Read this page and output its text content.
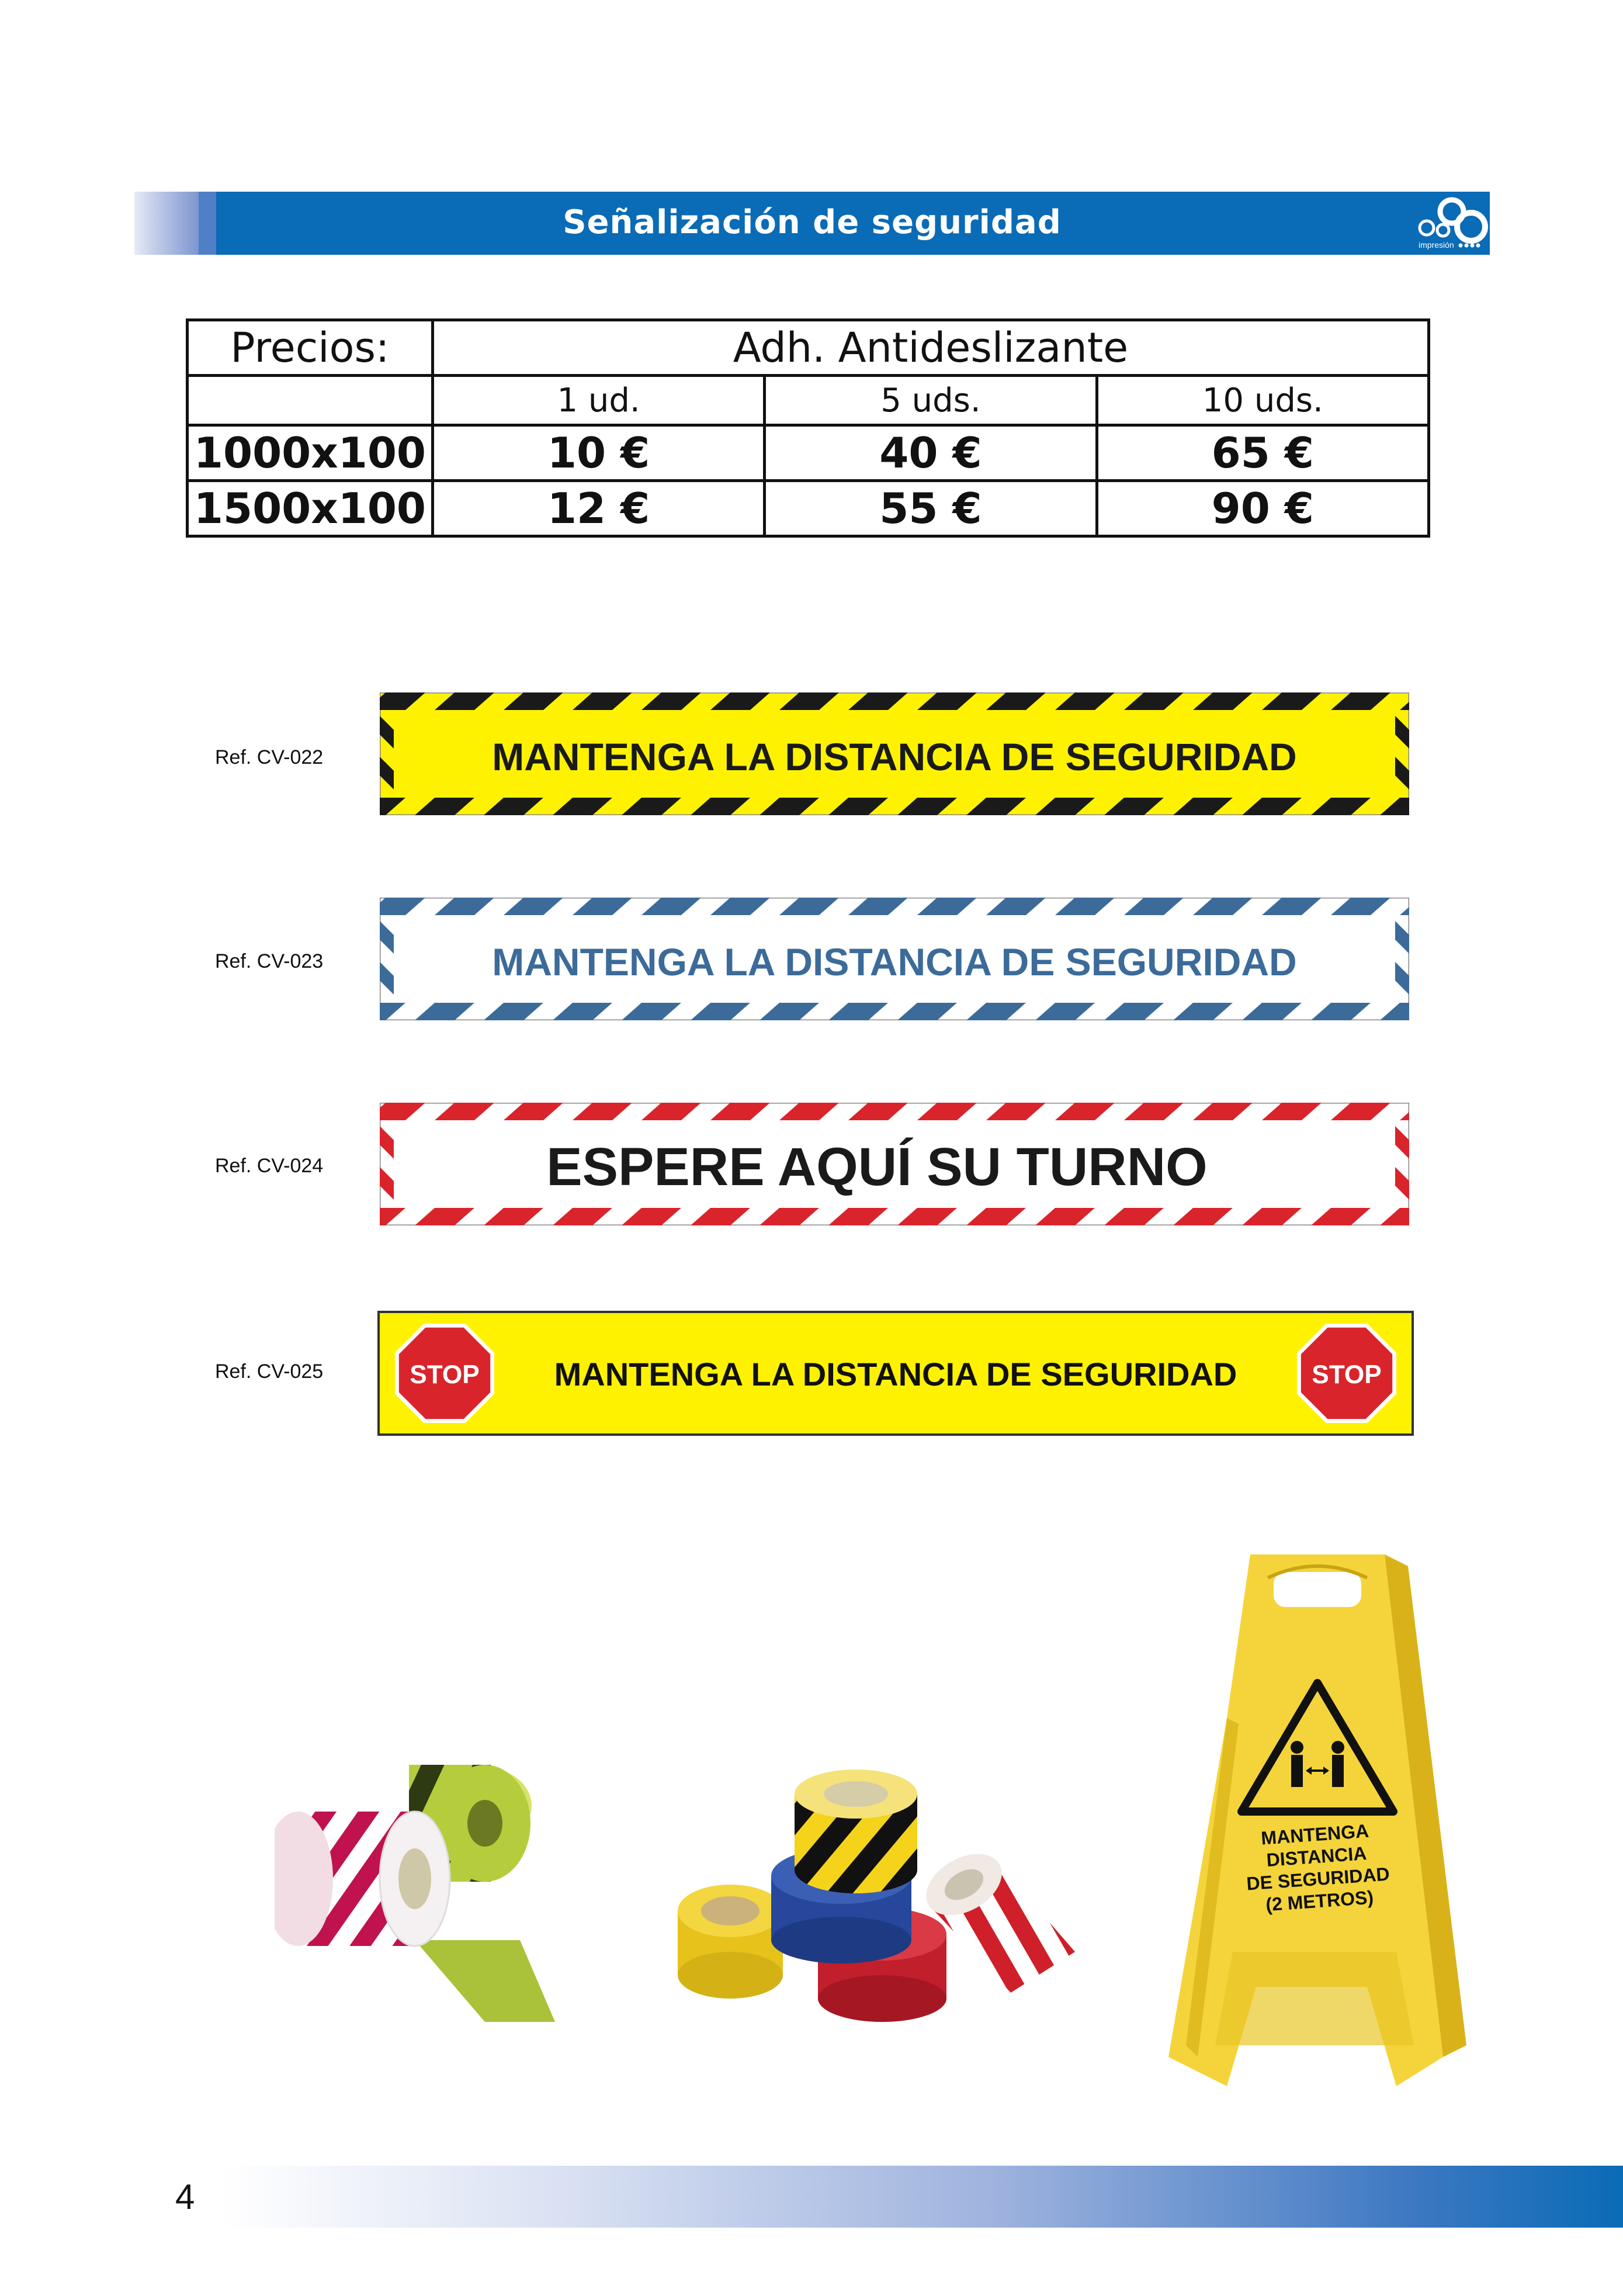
Señalización de seguridad
impresión
Precios:	Adh. Antideslizante		
	1 ud.	5 uds.	10 uds.
1000x100	10 €	40 €	65 €
1500x100	12 €	55 €	90 €
Ref. CV-022
Ref. CV-023
Ref. CV-024
Ref. CV-025
MANTENGA LA DISTANCIA DE SEGURIDAD
MANTENGA LA DISTANCIA DE SEGURIDAD
ESPERE AQUÍ SU TURNO
STOP	MANTENGA LA DISTANCIA DE SEGURIDAD	STOP
MANTENGA
DISTANCIA
DE SEGURIDAD
(2 METROS)
4
